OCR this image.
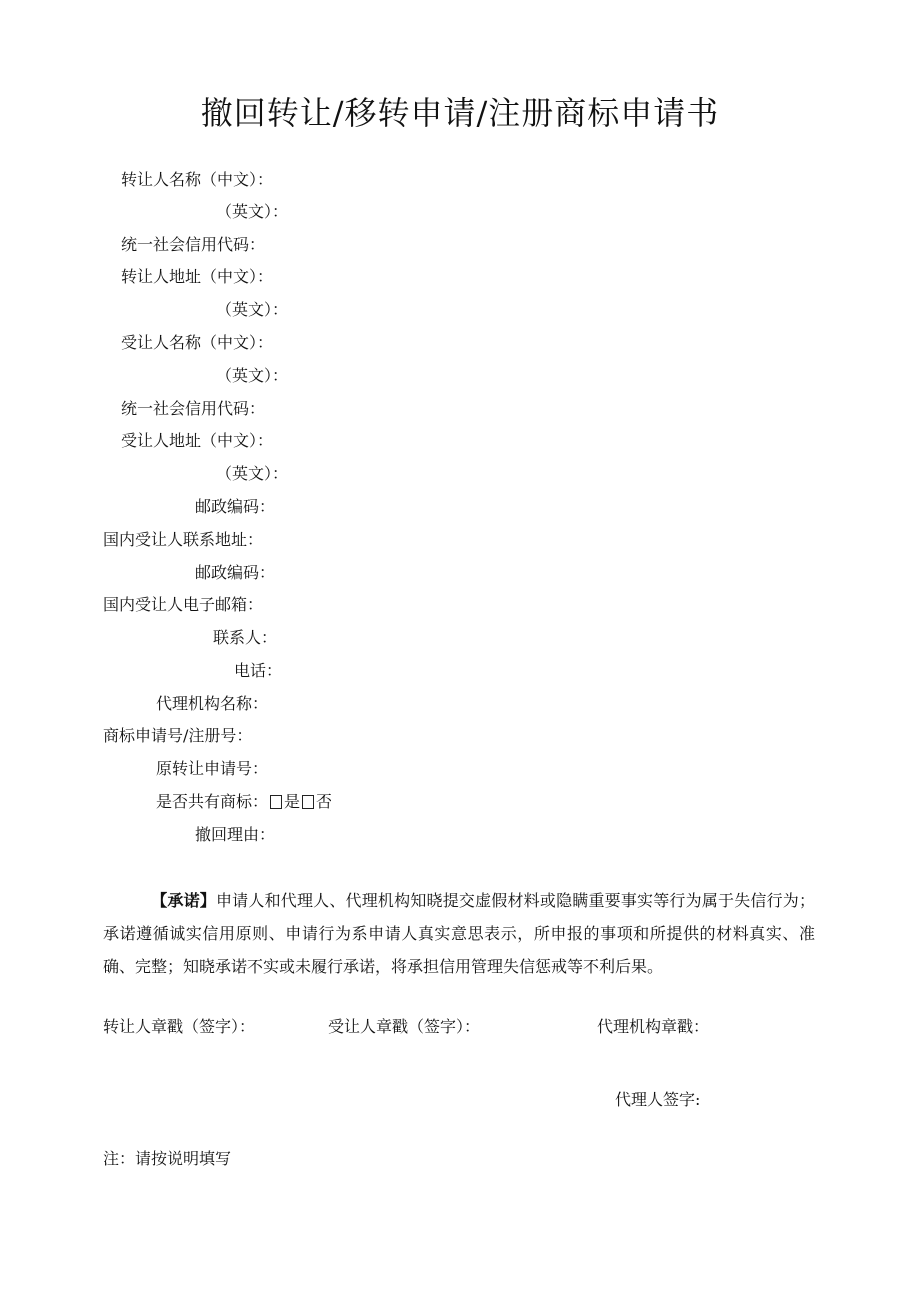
撤回转让/移转申请/注册商标申请书
转让人名称（中文）：
（英文）：
统一社会信用代码：
转让人地址（中文）：
（英文）：
受让人名称（中文）：
（英文）：
统一社会信用代码：
受让人地址（中文）：
（英文）：
邮政编码：
国内受让人联系地址：
邮政编码：
国内受让人电子邮箱：
联系人：
电话：
代理机构名称：
商标申请号/注册号：
原转让申请号：
是否共有商标： 是 否
撤回理由：

【承诺】申请人和代理人、代理机构知晓提交虚假材料或隐瞒重要事实等行为属于失信行为；承诺遵循诚实信用原则、申请行为系申请人真实意思表示，所申报的事项和所提供的材料真实、准确、完整；知晓承诺不实或未履行承诺，将承担信用管理失信惩戒等不利后果。

转让人章戳（签字）：	受让人章戳（签字）：	代理机构章戳：
代理人签字:
注：请按说明填写
